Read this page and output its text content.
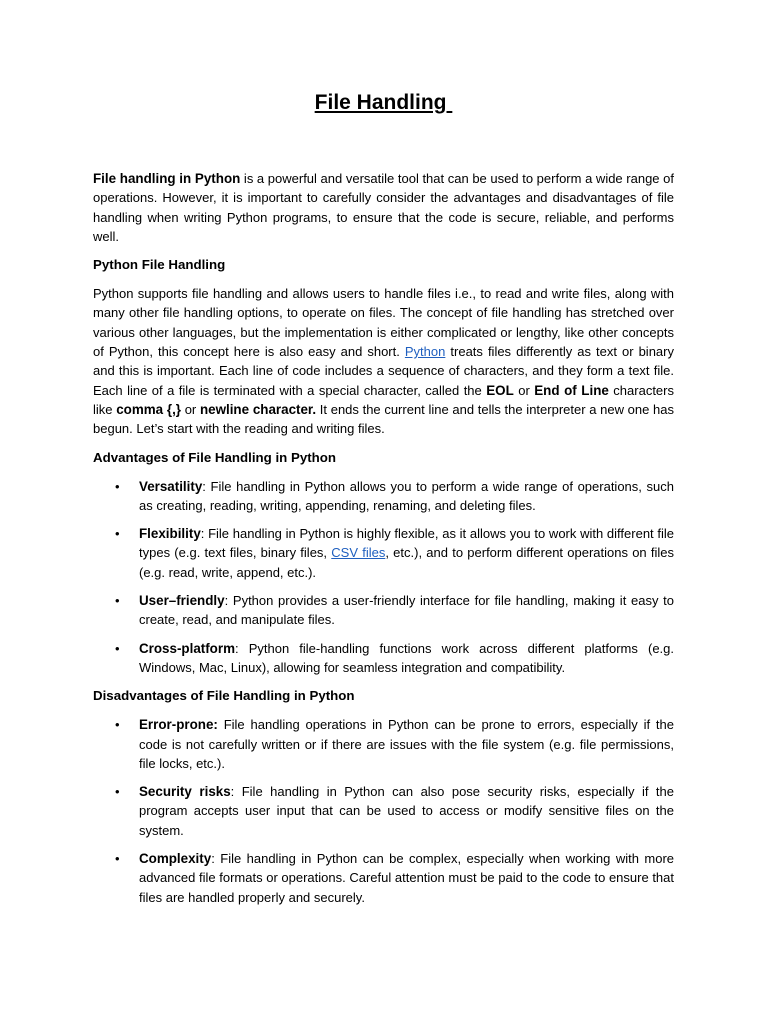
File Handling

File handling in Python is a powerful and versatile tool that can be used to perform a wide range of operations. However, it is important to carefully consider the advantages and disadvantages of file handling when writing Python programs, to ensure that the code is secure, reliable, and performs well.

Python File Handling

Python supports file handling and allows users to handle files i.e., to read and write files, along with many other file handling options, to operate on files. The concept of file handling has stretched over various other languages, but the implementation is either complicated or lengthy, like other concepts of Python, this concept here is also easy and short. Python treats files differently as text or binary and this is important. Each line of code includes a sequence of characters, and they form a text file. Each line of a file is terminated with a special character, called the EOL or End of Line characters like comma {,} or newline character. It ends the current line and tells the interpreter a new one has begun. Let’s start with the reading and writing files.

Advantages of File Handling in Python
• Versatility: File handling in Python allows you to perform a wide range of operations, such as creating, reading, writing, appending, renaming, and deleting files.
• Flexibility: File handling in Python is highly flexible, as it allows you to work with different file types (e.g. text files, binary files, CSV files, etc.), and to perform different operations on files (e.g. read, write, append, etc.).
• User–friendly: Python provides a user-friendly interface for file handling, making it easy to create, read, and manipulate files.
• Cross-platform: Python file-handling functions work across different platforms (e.g. Windows, Mac, Linux), allowing for seamless integration and compatibility.
Disadvantages of File Handling in Python
• Error-prone: File handling operations in Python can be prone to errors, especially if the code is not carefully written or if there are issues with the file system (e.g. file permissions, file locks, etc.).
• Security risks: File handling in Python can also pose security risks, especially if the program accepts user input that can be used to access or modify sensitive files on the system.
• Complexity: File handling in Python can be complex, especially when working with more advanced file formats or operations. Careful attention must be paid to the code to ensure that files are handled properly and securely.
